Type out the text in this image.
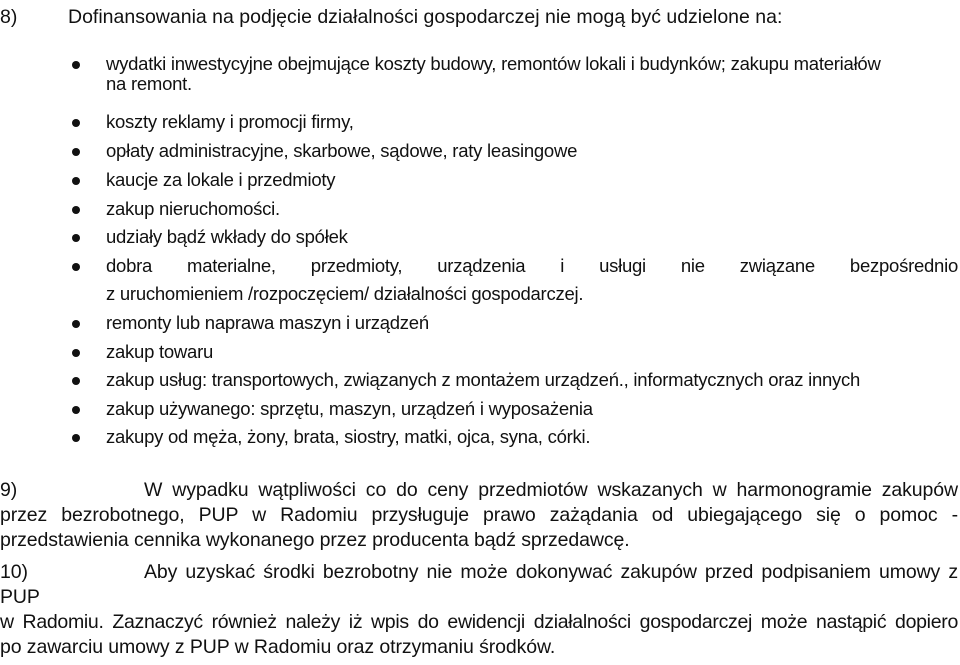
8)	Dofinansowania na podjęcie działalności gospodarczej nie mogą być udzielone na:
wydatki inwestycyjne obejmujące koszty budowy, remontów lokali i budynków; zakupu materiałów
na remont.
koszty reklamy i promocji firmy,
opłaty administracyjne, skarbowe, sądowe, raty leasingowe
kaucje za lokale i przedmioty
zakup nieruchomości.
udziały bądź wkłady do spółek
dobra materialne, przedmioty, urządzenia i usługi nie związane bezpośrednio
z uruchomieniem /rozpoczęciem/ działalności gospodarczej.
remonty lub naprawa maszyn i urządzeń
zakup towaru
zakup usług: transportowych, związanych z montażem urządzeń., informatycznych oraz innych
zakup używanego: sprzętu, maszyn, urządzeń i wyposażenia
zakupy od męża, żony, brata, siostry, matki, ojca, syna, córki.
9)	W wypadku wątpliwości co do ceny przedmiotów wskazanych w harmonogramie zakupów
przez bezrobotnego, PUP w Radomiu przysługuje prawo zażądania od ubiegającego się o pomoc -
przedstawienia cennika wykonanego przez producenta bądź sprzedawcę.
10)	Aby uzyskać środki bezrobotny nie może dokonywać zakupów przed podpisaniem umowy z
PUP
w Radomiu. Zaznaczyć również należy iż wpis do ewidencji działalności gospodarczej może nastąpić dopiero
po zawarciu umowy z PUP w Radomiu oraz otrzymaniu środków.
